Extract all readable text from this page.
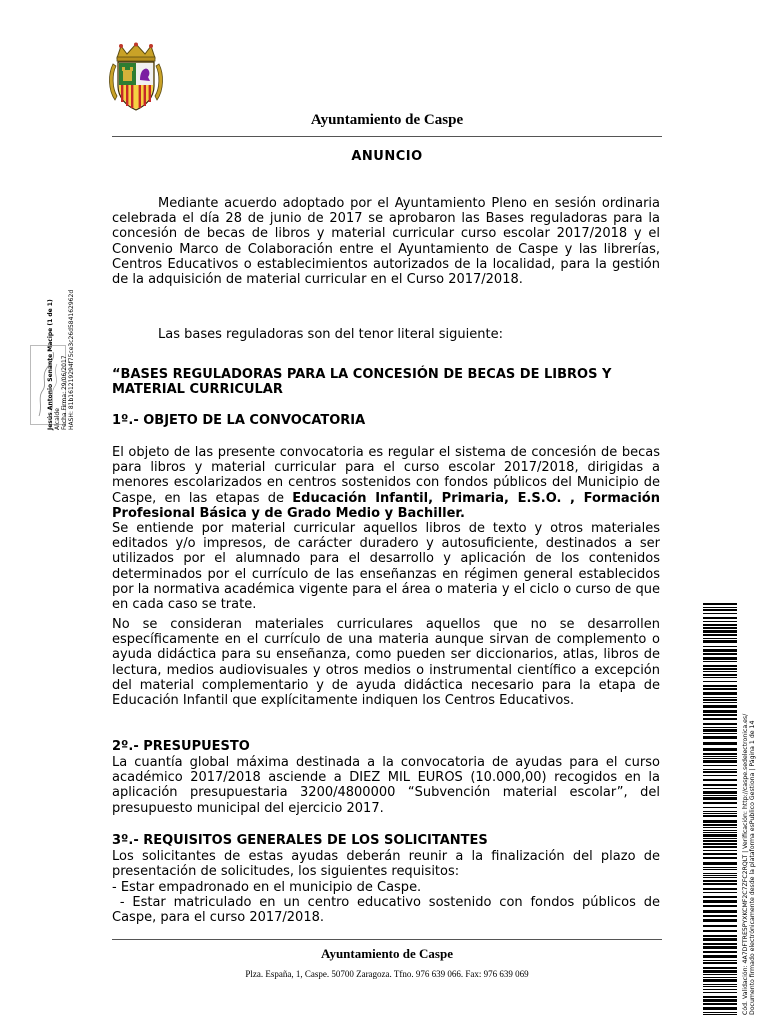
Ayuntamiento de Caspe
ANUNCIO
Mediante acuerdo adoptado por el Ayuntamiento Pleno en sesión ordinaria celebrada el día 28 de junio de 2017 se aprobaron las Bases reguladoras para la concesión de becas de libros y material curricular curso escolar 2017/2018 y el Convenio Marco de Colaboración entre el Ayuntamiento de Caspe y las librerías, Centros Educativos o establecimientos autorizados de la localidad, para la gestión de la adquisición de material curricular en el Curso 2017/2018.
Las bases reguladoras son del tenor literal siguiente:
“BASES REGULADORAS PARA LA CONCESIÓN DE BECAS DE LIBROS Y MATERIAL CURRICULAR
1º.- OBJETO DE LA CONVOCATORIA
El objeto de las presente convocatoria es regular el sistema de concesión de becas para libros y material curricular para el curso escolar 2017/2018, dirigidas a menores escolarizados en centros sostenidos con fondos públicos del Municipio de Caspe, en las etapas de Educación Infantil, Primaria, E.S.O. , Formación Profesional Básica y de Grado Medio y Bachiller.
Se entiende por material curricular aquellos libros de texto y otros materiales editados y/o impresos, de carácter duradero y autosuficiente, destinados a ser utilizados por el alumnado para el desarrollo y aplicación de los contenidos determinados por el currículo de las enseñanzas en régimen general establecidos por la normativa académica vigente para el área o materia y el ciclo o curso de que en cada caso se trate.
No se consideran materiales curriculares aquellos que no se desarrollen específicamente en el currículo de una materia aunque sirvan de complemento o ayuda didáctica para su enseñanza, como pueden ser diccionarios, atlas, libros de lectura, medios audiovisuales y otros medios o instrumental científico a excepción del material complementario y de ayuda didáctica necesario para la etapa de Educación Infantil que explícitamente indiquen los Centros Educativos.
2º.- PRESUPUESTO
La cuantía global máxima destinada a la convocatoria de ayudas para el curso académico 2017/2018 asciende a DIEZ MIL EUROS (10.000,00) recogidos en la aplicación presupuestaria 3200/4800000 “Subvención material escolar”, del presupuesto municipal del ejercicio 2017.
3º.- REQUISITOS GENERALES DE LOS SOLICITANTES
Los solicitantes de estas ayudas deberán reunir a la finalización del plazo de presentación de solicitudes, los siguientes requisitos:
- Estar empadronado en el municipio de Caspe.
- Estar matriculado en un centro educativo sostenido con fondos públicos de Caspe, para el curso 2017/2018.
Ayuntamiento de Caspe
Plza. España, 1, Caspe. 50700 Zaragoza. Tfno. 976 639 066. Fax: 976 639 069
Jesús Antonio Senante Macipe (1 de 1) Alcalde Fecha Firma: 29/06/2017 HASH: 81b161219294f75ce3c26d584162962d
Cód. Validación: 4A7DFTRE5PYXKCMF2C7ZFC2RQLT | Verificación: http://caspe.sedelectronica.es/ Documento firmado electrónicamente desde la plataforma esPublico Gestiona | Página 1 de 14
